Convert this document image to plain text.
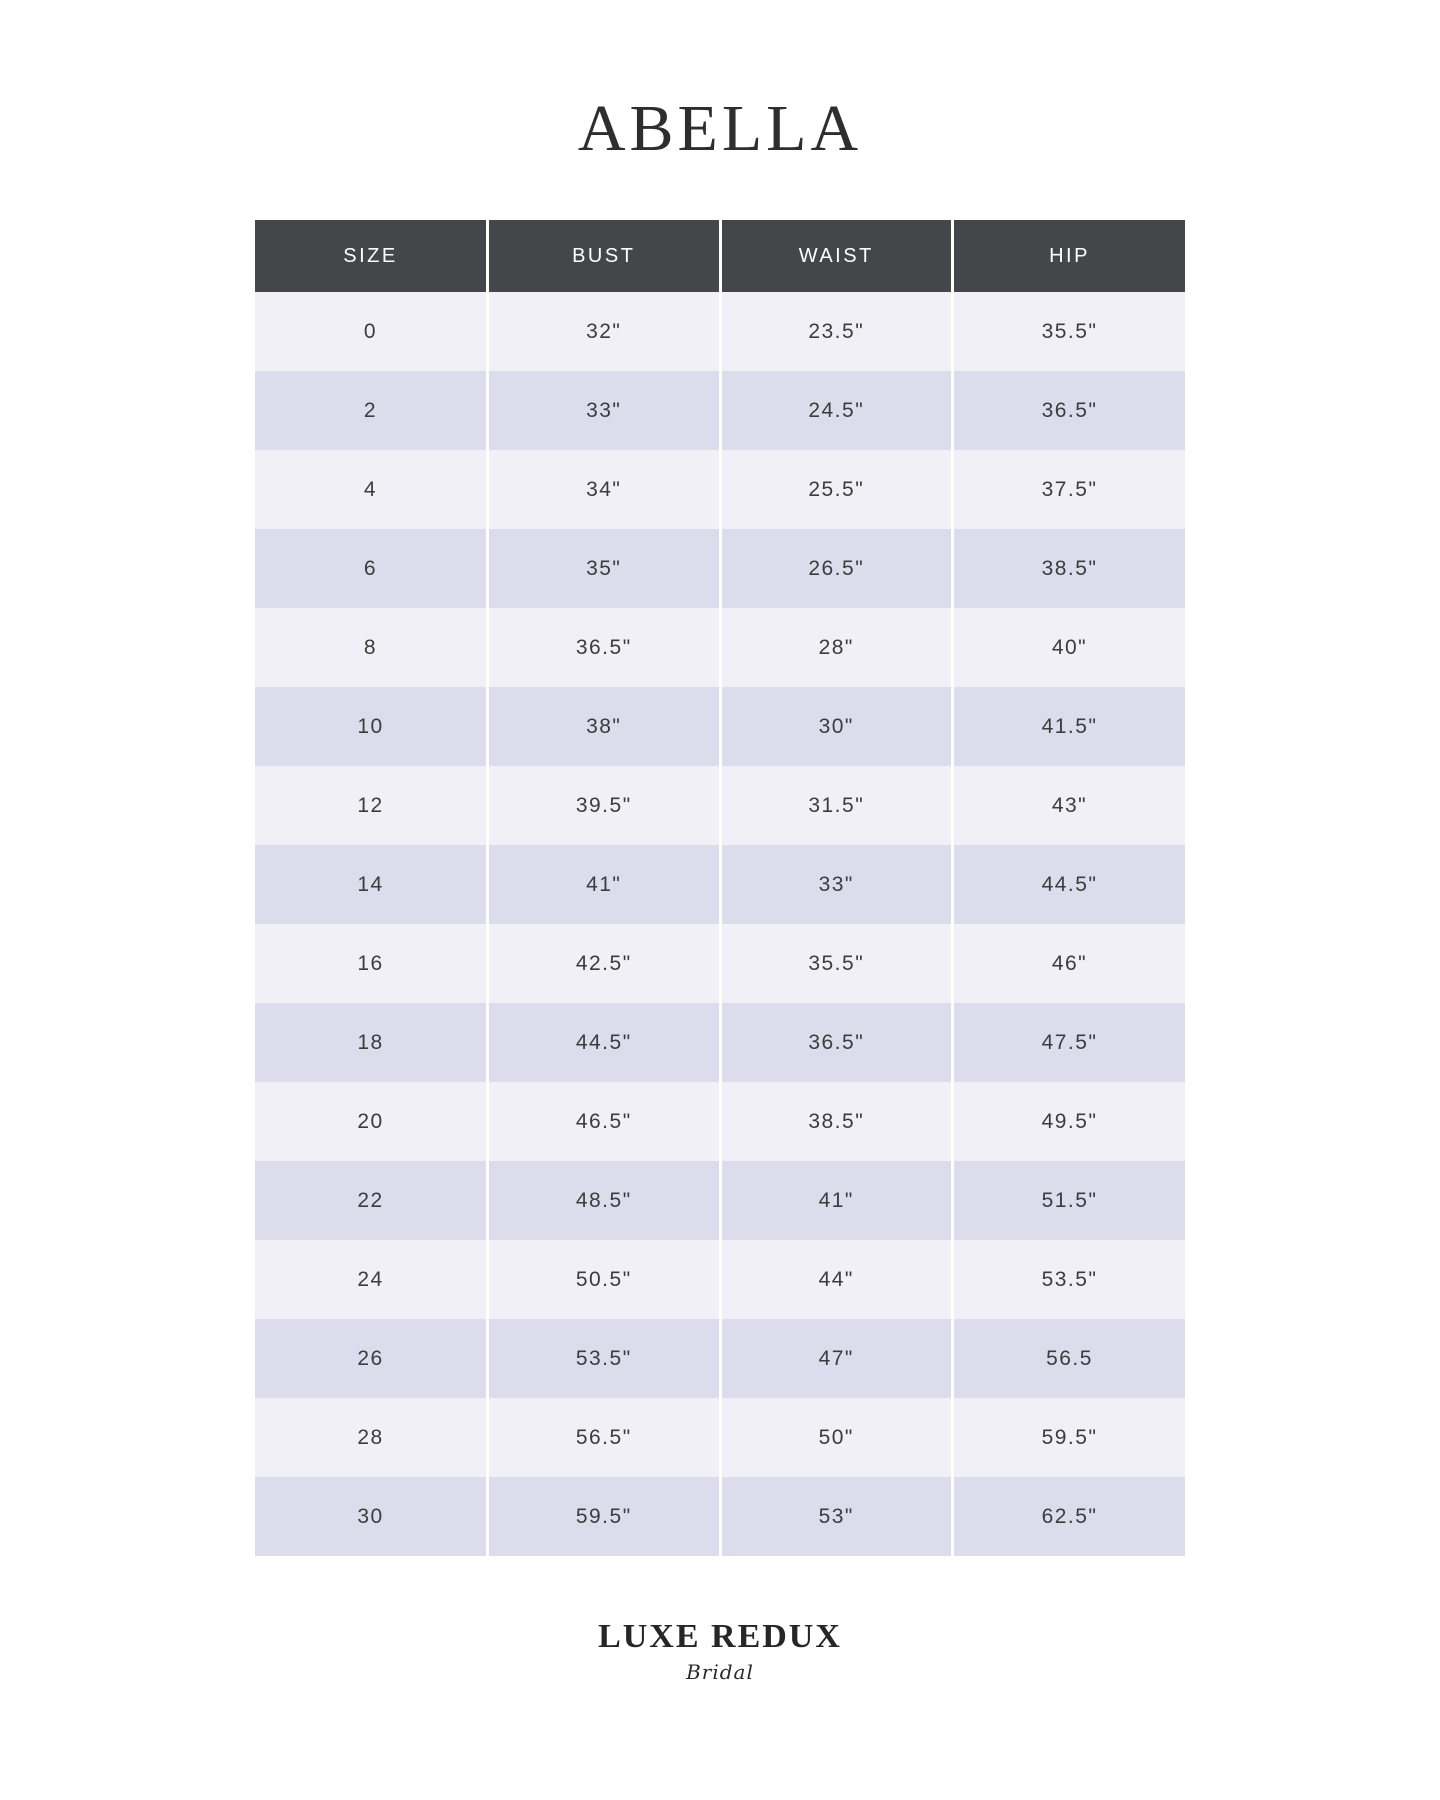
ABELLA
SIZE	BUST	WAIST	HIP
0	32"	23.5"	35.5"
2	33"	24.5"	36.5"
4	34"	25.5"	37.5"
6	35"	26.5"	38.5"
8	36.5"	28"	40"
10	38"	30"	41.5"
12	39.5"	31.5"	43"
14	41"	33"	44.5"
16	42.5"	35.5"	46"
18	44.5"	36.5"	47.5"
20	46.5"	38.5"	49.5"
22	48.5"	41"	51.5"
24	50.5"	44"	53.5"
26	53.5"	47"	56.5
28	56.5"	50"	59.5"
30	59.5"	53"	62.5"
LUXE REDUX
Bridal
